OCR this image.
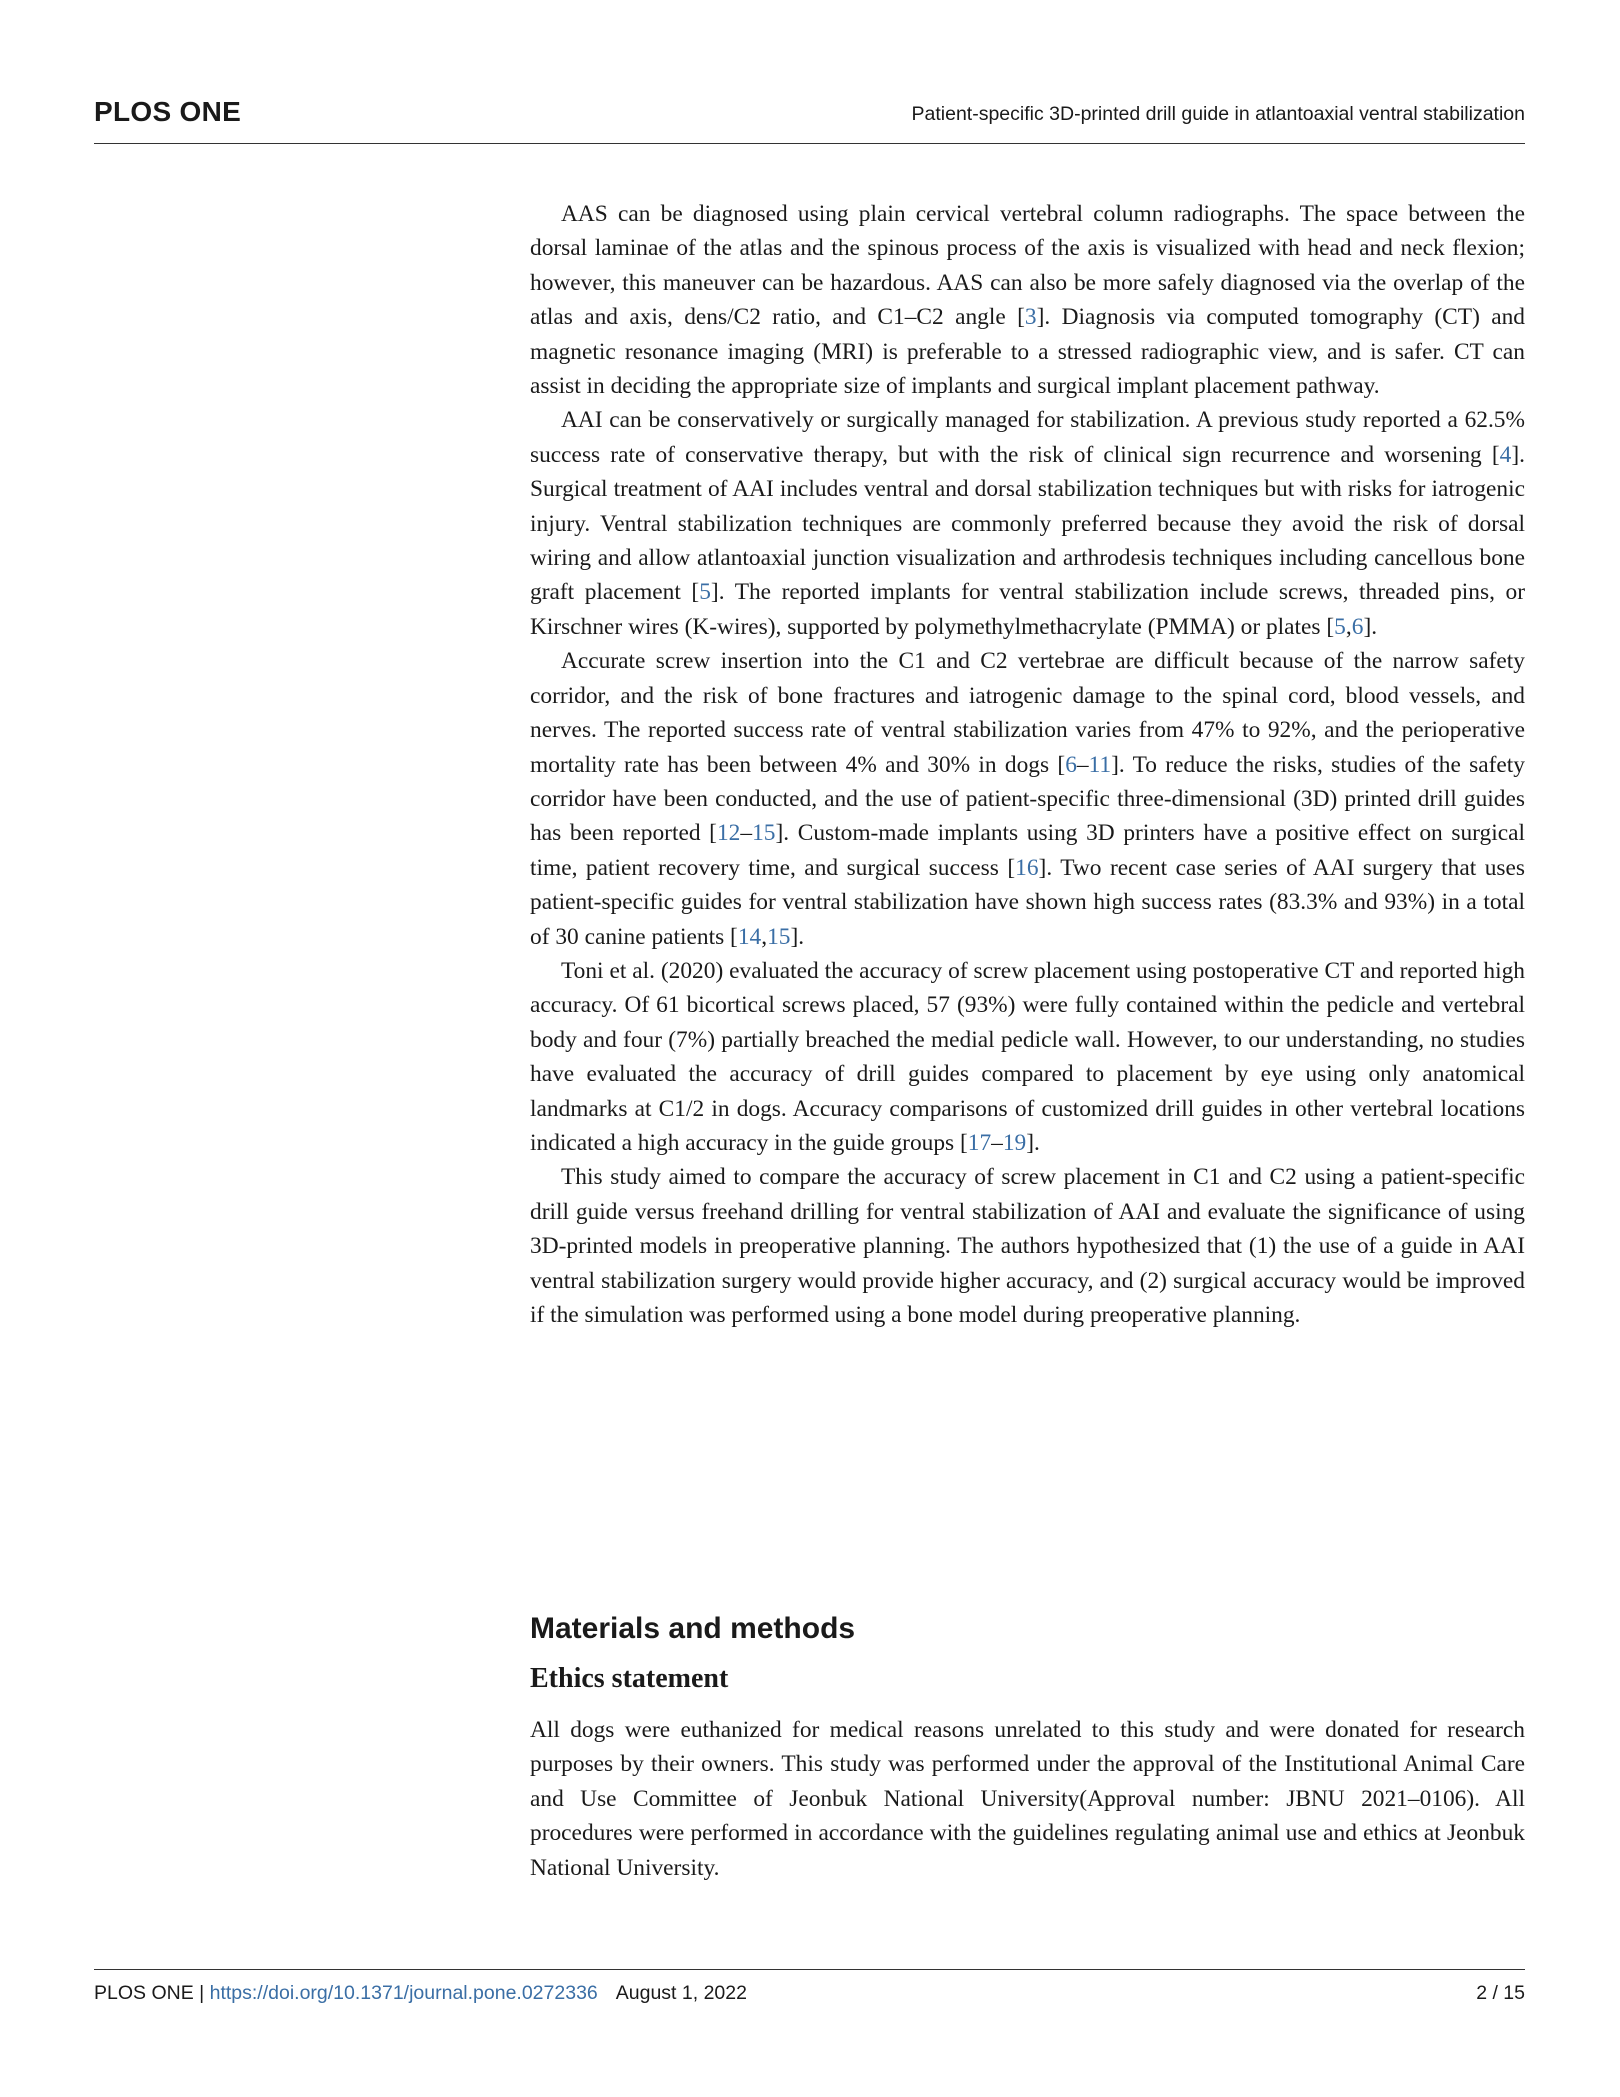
PLOS ONE	Patient-specific 3D-printed drill guide in atlantoaxial ventral stabilization

AAS can be diagnosed using plain cervical vertebral column radiographs. The space between the dorsal laminae of the atlas and the spinous process of the axis is visualized with head and neck flexion; however, this maneuver can be hazardous. AAS can also be more safely diagnosed via the overlap of the atlas and axis, dens/C2 ratio, and C1–C2 angle [3]. Diagnosis via computed tomography (CT) and magnetic resonance imaging (MRI) is preferable to a stressed radiographic view, and is safer. CT can assist in deciding the appropriate size of implants and surgical implant placement pathway.

AAI can be conservatively or surgically managed for stabilization. A previous study reported a 62.5% success rate of conservative therapy, but with the risk of clinical sign recurrence and worsening [4]. Surgical treatment of AAI includes ventral and dorsal stabilization techniques but with risks for iatrogenic injury. Ventral stabilization techniques are commonly preferred because they avoid the risk of dorsal wiring and allow atlantoaxial junction visualization and arthrodesis techniques including cancellous bone graft placement [5]. The reported implants for ventral stabilization include screws, threaded pins, or Kirschner wires (K-wires), supported by polymethylmethacrylate (PMMA) or plates [5,6].

Accurate screw insertion into the C1 and C2 vertebrae are difficult because of the narrow safety corridor, and the risk of bone fractures and iatrogenic damage to the spinal cord, blood vessels, and nerves. The reported success rate of ventral stabilization varies from 47% to 92%, and the perioperative mortality rate has been between 4% and 30% in dogs [6–11]. To reduce the risks, studies of the safety corridor have been conducted, and the use of patient-specific three-dimensional (3D) printed drill guides has been reported [12–15]. Custom-made implants using 3D printers have a positive effect on surgical time, patient recovery time, and surgical success [16]. Two recent case series of AAI surgery that uses patient-specific guides for ventral stabilization have shown high success rates (83.3% and 93%) in a total of 30 canine patients [14,15].

Toni et al. (2020) evaluated the accuracy of screw placement using postoperative CT and reported high accuracy. Of 61 bicortical screws placed, 57 (93%) were fully contained within the pedicle and vertebral body and four (7%) partially breached the medial pedicle wall. However, to our understanding, no studies have evaluated the accuracy of drill guides compared to placement by eye using only anatomical landmarks at C1/2 in dogs. Accuracy comparisons of customized drill guides in other vertebral locations indicated a high accuracy in the guide groups [17–19].

This study aimed to compare the accuracy of screw placement in C1 and C2 using a patient-specific drill guide versus freehand drilling for ventral stabilization of AAI and evaluate the significance of using 3D-printed models in preoperative planning. The authors hypothesized that (1) the use of a guide in AAI ventral stabilization surgery would provide higher accuracy, and (2) surgical accuracy would be improved if the simulation was performed using a bone model during preoperative planning.

Materials and methods
Ethics statement

All dogs were euthanized for medical reasons unrelated to this study and were donated for research purposes by their owners. This study was performed under the approval of the Institutional Animal Care and Use Committee of Jeonbuk National University(Approval number: JBNU 2021–0106). All procedures were performed in accordance with the guidelines regulating animal use and ethics at Jeonbuk National University.

PLOS ONE | https://doi.org/10.1371/journal.pone.0272336 August 1, 2022	2 / 15
